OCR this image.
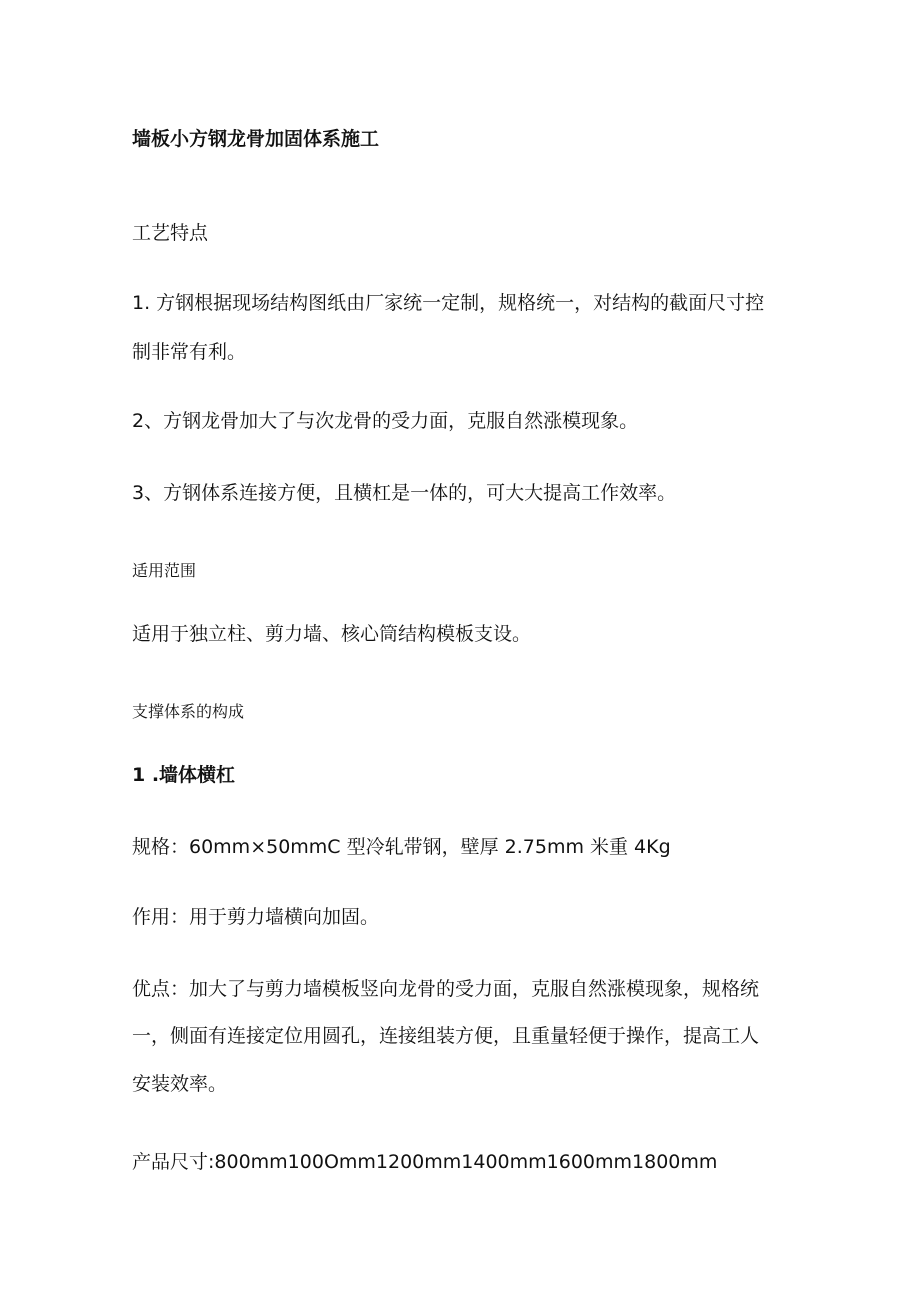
墙板小方钢龙骨加固体系施工
工艺特点
1. 方钢根据现场结构图纸由厂家统一定制，规格统一，对结构的截面尺寸控
制非常有利。
2、方钢龙骨加大了与次龙骨的受力面，克服自然涨模现象。
3、方钢体系连接方便，且横杠是一体的，可大大提高工作效率。
适用范围
适用于独立柱、剪力墙、核心筒结构模板支设。
支撑体系的构成
1 .墙体横杠
规格：60mm×50mmC 型冷轧带钢，壁厚 2.75mm 米重 4Kg
作用：用于剪力墙横向加固。
优点：加大了与剪力墙模板竖向龙骨的受力面，克服自然涨模现象，规格统
一，侧面有连接定位用圆孔，连接组装方便，且重量轻便于操作，提高工人
安装效率。
产品尺寸:800mm100Omm1200mm1400mm1600mm1800mm
